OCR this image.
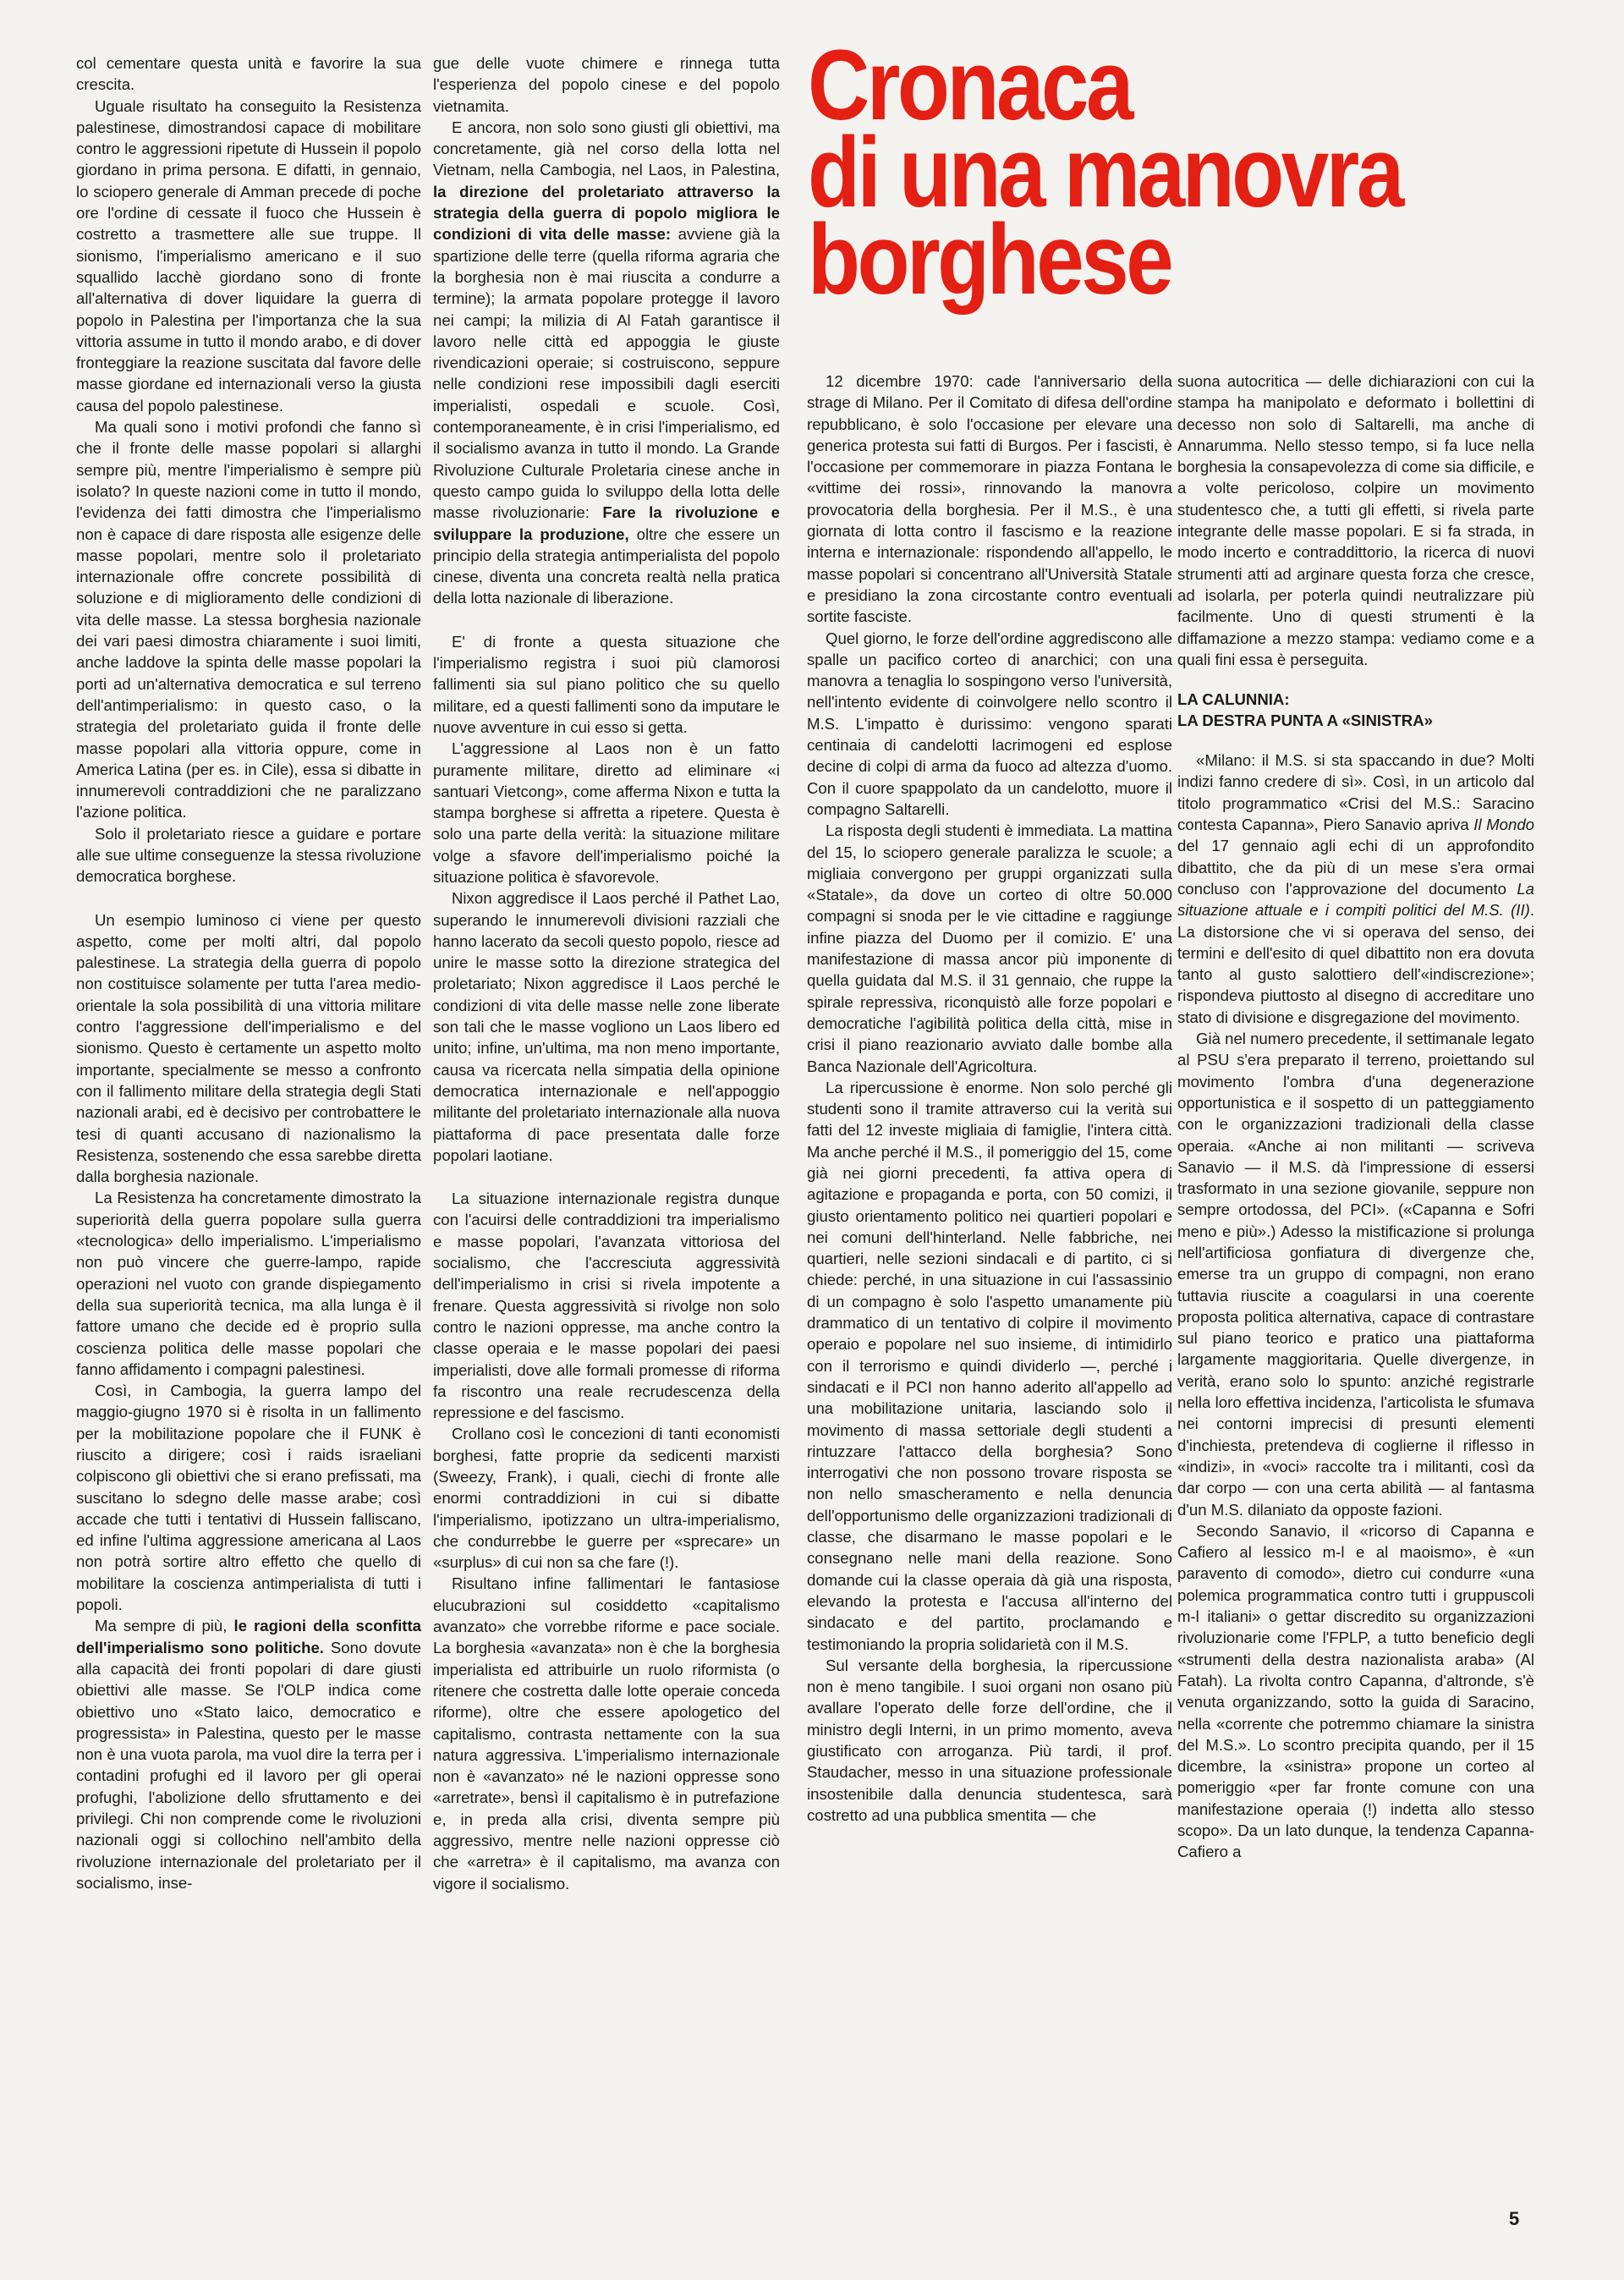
Cronaca
di una manovra
borghese

col cementare questa unità e favorire la sua crescita.

Uguale risultato ha conseguito la Resistenza palestinese, dimostrandosi capace di mobilitare contro le aggressioni ripetute di Hussein il popolo giordano in prima persona. E difatti, in gennaio, lo sciopero generale di Amman precede di poche ore l'ordine di cessate il fuoco che Hussein è costretto a trasmettere alle sue truppe. Il sionismo, l'imperialismo americano e il suo squallido lacchè giordano sono di fronte all'alternativa di dover liquidare la guerra di popolo in Palestina per l'importanza che la sua vittoria assume in tutto il mondo arabo, e di dover fronteggiare la reazione suscitata dal favore delle masse giordane ed internazionali verso la giusta causa del popolo palestinese.

Ma quali sono i motivi profondi che fanno sì che il fronte delle masse popolari si allarghi sempre più, mentre l'imperialismo è sempre più isolato? In queste nazioni come in tutto il mondo, l'evidenza dei fatti dimostra che l'imperialismo non è capace di dare risposta alle esigenze delle masse popolari, mentre solo il proletariato internazionale offre concrete possibilità di soluzione e di miglioramento delle condizioni di vita delle masse. La stessa borghesia nazionale dei vari paesi dimostra chiaramente i suoi limiti, anche laddove la spinta delle masse popolari la porti ad un'alternativa democratica e sul terreno dell'antimperialismo: in questo caso, o la strategia del proletariato guida il fronte delle masse popolari alla vittoria oppure, come in America Latina (per es. in Cile), essa si dibatte in innumerevoli contraddizioni che ne paralizzano l'azione politica.

Solo il proletariato riesce a guidare e portare alle sue ultime conseguenze la stessa rivoluzione democratica borghese.

Un esempio luminoso ci viene per questo aspetto, come per molti altri, dal popolo palestinese. La strategia della guerra di popolo non costituisce solamente per tutta l'area medio-orientale la sola possibilità di una vittoria militare contro l'aggressione dell'imperialismo e del sionismo. Questo è certamente un aspetto molto importante, specialmente se messo a confronto con il fallimento militare della strategia degli Stati nazionali arabi, ed è decisivo per controbattere le tesi di quanti accusano di nazionalismo la Resistenza, sostenendo che essa sarebbe diretta dalla borghesia nazionale.

La Resistenza ha concretamente dimostrato la superiorità della guerra popolare sulla guerra «tecnologica» dello imperialismo. L'imperialismo non può vincere che guerre-lampo, rapide operazioni nel vuoto con grande dispiegamento della sua superiorità tecnica, ma alla lunga è il fattore umano che decide ed è proprio sulla coscienza politica delle masse popolari che fanno affidamento i compagni palestinesi.

Così, in Cambogia, la guerra lampo del maggio-giugno 1970 si è risolta in un fallimento per la mobilitazione popolare che il FUNK è riuscito a dirigere; così i raids israeliani colpiscono gli obiettivi che si erano prefissati, ma suscitano lo sdegno delle masse arabe; così accade che tutti i tentativi di Hussein falliscano, ed infine l'ultima aggressione americana al Laos non potrà sortire altro effetto che quello di mobilitare la coscienza antimperialista di tutti i popoli.

Ma sempre di più, le ragioni della sconfitta dell'imperialismo sono politiche. Sono dovute alla capacità dei fronti popolari di dare giusti obiettivi alle masse. Se l'OLP indica come obiettivo uno «Stato laico, democratico e progressista» in Palestina, questo per le masse non è una vuota parola, ma vuol dire la terra per i contadini profughi ed il lavoro per gli operai profughi, l'abolizione dello sfruttamento e dei privilegi. Chi non comprende come le rivoluzioni nazionali oggi si collochino nell'ambito della rivoluzione internazionale del proletariato per il socialismo, inse-

gue delle vuote chimere e rinnega tutta l'esperienza del popolo cinese e del popolo vietnamita.

E ancora, non solo sono giusti gli obiettivi, ma concretamente, già nel corso della lotta nel Vietnam, nella Cambogia, nel Laos, in Palestina, la direzione del proletariato attraverso la strategia della guerra di popolo migliora le condizioni di vita delle masse: avviene già la spartizione delle terre (quella riforma agraria che la borghesia non è mai riuscita a condurre a termine); la armata popolare protegge il lavoro nei campi; la milizia di Al Fatah garantisce il lavoro nelle città ed appoggia le giuste rivendicazioni operaie; si costruiscono, seppure nelle condizioni rese impossibili dagli eserciti imperialisti, ospedali e scuole. Così, contemporaneamente, è in crisi l'imperialismo, ed il socialismo avanza in tutto il mondo. La Grande Rivoluzione Culturale Proletaria cinese anche in questo campo guida lo sviluppo della lotta delle masse rivoluzionarie: Fare la rivoluzione e sviluppare la produzione, oltre che essere un principio della strategia antimperialista del popolo cinese, diventa una concreta realtà nella pratica della lotta nazionale di liberazione.

E' di fronte a questa situazione che l'imperialismo registra i suoi più clamorosi fallimenti sia sul piano politico che su quello militare, ed a questi fallimenti sono da imputare le nuove avventure in cui esso si getta.

L'aggressione al Laos non è un fatto puramente militare, diretto ad eliminare «i santuari Vietcong», come afferma Nixon e tutta la stampa borghese si affretta a ripetere. Questa è solo una parte della verità: la situazione militare volge a sfavore dell'imperialismo poiché la situazione politica è sfavorevole.

Nixon aggredisce il Laos perché il Pathet Lao, superando le innumerevoli divisioni razziali che hanno lacerato da secoli questo popolo, riesce ad unire le masse sotto la direzione strategica del proletariato; Nixon aggredisce il Laos perché le condizioni di vita delle masse nelle zone liberate son tali che le masse vogliono un Laos libero ed unito; infine, un'ultima, ma non meno importante, causa va ricercata nella simpatia della opinione democratica internazionale e nell'appoggio militante del proletariato internazionale alla nuova piattaforma di pace presentata dalle forze popolari laotiane.

La situazione internazionale registra dunque con l'acuirsi delle contraddizioni tra imperialismo e masse popolari, l'avanzata vittoriosa del socialismo, che l'accresciuta aggressività dell'imperialismo in crisi si rivela impotente a frenare. Questa aggressività si rivolge non solo contro le nazioni oppresse, ma anche contro la classe operaia e le masse popolari dei paesi imperialisti, dove alle formali promesse di riforma fa riscontro una reale recrudescenza della repressione e del fascismo.

Crollano così le concezioni di tanti economisti borghesi, fatte proprie da sedicenti marxisti (Sweezy, Frank), i quali, ciechi di fronte alle enormi contraddizioni in cui si dibatte l'imperialismo, ipotizzano un ultra-imperialismo, che condurrebbe le guerre per «sprecare» un «surplus» di cui non sa che fare (!).

Risultano infine fallimentari le fantasiose elucubrazioni sul cosiddetto «capitalismo avanzato» che vorrebbe riforme e pace sociale. La borghesia «avanzata» non è che la borghesia imperialista ed attribuirle un ruolo riformista (o ritenere che costretta dalle lotte operaie conceda riforme), oltre che essere apologetico del capitalismo, contrasta nettamente con la sua natura aggressiva. L'imperialismo internazionale non è «avanzato» né le nazioni oppresse sono «arretrate», bensì il capitalismo è in putrefazione e, in preda alla crisi, diventa sempre più aggressivo, mentre nelle nazioni oppresse ciò che «arretra» è il capitalismo, ma avanza con vigore il socialismo.

12 dicembre 1970: cade l'anniversario della strage di Milano. Per il Comitato di difesa dell'ordine repubblicano, è solo l'occasione per elevare una generica protesta sui fatti di Burgos. Per i fascisti, è l'occasione per commemorare in piazza Fontana le «vittime dei rossi», rinnovando la manovra provocatoria della borghesia. Per il M.S., è una giornata di lotta contro il fascismo e la reazione interna e internazionale: rispondendo all'appello, le masse popolari si concentrano all'Università Statale e presidiano la zona circostante contro eventuali sortite fasciste.

Quel giorno, le forze dell'ordine aggrediscono alle spalle un pacifico corteo di anarchici; con una manovra a tenaglia lo sospingono verso l'università, nell'intento evidente di coinvolgere nello scontro il M.S. L'impatto è durissimo: vengono sparati centinaia di candelotti lacrimogeni ed esplose decine di colpi di arma da fuoco ad altezza d'uomo. Con il cuore spappolato da un candelotto, muore il compagno Saltarelli.

La risposta degli studenti è immediata. La mattina del 15, lo sciopero generale paralizza le scuole; a migliaia convergono per gruppi organizzati sulla «Statale», da dove un corteo di oltre 50.000 compagni si snoda per le vie cittadine e raggiunge infine piazza del Duomo per il comizio. E' una manifestazione di massa ancor più imponente di quella guidata dal M.S. il 31 gennaio, che ruppe la spirale repressiva, riconquistò alle forze popolari e democratiche l'agibilità politica della città, mise in crisi il piano reazionario avviato dalle bombe alla Banca Nazionale dell'Agricoltura.

La ripercussione è enorme. Non solo perché gli studenti sono il tramite attraverso cui la verità sui fatti del 12 investe migliaia di famiglie, l'intera città. Ma anche perché il M.S., il pomeriggio del 15, come già nei giorni precedenti, fa attiva opera di agitazione e propaganda e porta, con 50 comizi, il giusto orientamento politico nei quartieri popolari e nei comuni dell'hinterland. Nelle fabbriche, nei quartieri, nelle sezioni sindacali e di partito, ci si chiede: perché, in una situazione in cui l'assassinio di un compagno è solo l'aspetto umanamente più drammatico di un tentativo di colpire il movimento operaio e popolare nel suo insieme, di intimidirlo con il terrorismo e quindi dividerlo —, perché i sindacati e il PCI non hanno aderito all'appello ad una mobilitazione unitaria, lasciando solo il movimento di massa settoriale degli studenti a rintuzzare l'attacco della borghesia? Sono interrogativi che non possono trovare risposta se non nello smascheramento e nella denuncia dell'opportunismo delle organizzazioni tradizionali di classe, che disarmano le masse popolari e le consegnano nelle mani della reazione. Sono domande cui la classe operaia dà già una risposta, elevando la protesta e l'accusa all'interno del sindacato e del partito, proclamando e testimoniando la propria solidarietà con il M.S.

Sul versante della borghesia, la ripercussione non è meno tangibile. I suoi organi non osano più avallare l'operato delle forze dell'ordine, che il ministro degli Interni, in un primo momento, aveva giustificato con arroganza. Più tardi, il prof. Staudacher, messo in una situazione professionale insostenibile dalla denuncia studentesca, sarà costretto ad una pubblica smentita — che

suona autocritica — delle dichiarazioni con cui la stampa ha manipolato e deformato i bollettini di decesso non solo di Saltarelli, ma anche di Annarumma. Nello stesso tempo, si fa luce nella borghesia la consapevolezza di come sia difficile, e a volte pericoloso, colpire un movimento studentesco che, a tutti gli effetti, si rivela parte integrante delle masse popolari. E si fa strada, in modo incerto e contraddittorio, la ricerca di nuovi strumenti atti ad arginare questa forza che cresce, ad isolarla, per poterla quindi neutralizzare più facilmente. Uno di questi strumenti è la diffamazione a mezzo stampa: vediamo come e a quali fini essa è perseguita.

LA CALUNNIA:
LA DESTRA PUNTA A «SINISTRA»

«Milano: il M.S. si sta spaccando in due? Molti indizi fanno credere di sì». Così, in un articolo dal titolo programmatico «Crisi del M.S.: Saracino contesta Capanna», Piero Sanavio apriva Il Mondo del 17 gennaio agli echi di un approfondito dibattito, che da più di un mese s'era ormai concluso con l'approvazione del documento La situazione attuale e i compiti politici del M.S. (II). La distorsione che vi si operava del senso, dei termini e dell'esito di quel dibattito non era dovuta tanto al gusto salottiero dell'«indiscrezione»; rispondeva piuttosto al disegno di accreditare uno stato di divisione e disgregazione del movimento.

Già nel numero precedente, il settimanale legato al PSU s'era preparato il terreno, proiettando sul movimento l'ombra d'una degenerazione opportunistica e il sospetto di un patteggiamento con le organizzazioni tradizionali della classe operaia. «Anche ai non militanti — scriveva Sanavio — il M.S. dà l'impressione di essersi trasformato in una sezione giovanile, seppure non sempre ortodossa, del PCI». («Capanna e Sofri meno e più».) Adesso la mistificazione si prolunga nell'artificiosa gonfiatura di divergenze che, emerse tra un gruppo di compagni, non erano tuttavia riuscite a coagularsi in una coerente proposta politica alternativa, capace di contrastare sul piano teorico e pratico una piattaforma largamente maggioritaria. Quelle divergenze, in verità, erano solo lo spunto: anziché registrarle nella loro effettiva incidenza, l'articolista le sfumava nei contorni imprecisi di presunti elementi d'inchiesta, pretendeva di coglierne il riflesso in «indizi», in «voci» raccolte tra i militanti, così da dar corpo — con una certa abilità — al fantasma d'un M.S. dilaniato da opposte fazioni.

Secondo Sanavio, il «ricorso di Capanna e Cafiero al lessico m-l e al maoismo», è «un paravento di comodo», dietro cui condurre «una polemica programmatica contro tutti i gruppuscoli m-l italiani» o gettar discredito su organizzazioni rivoluzionarie come l'FPLP, a tutto beneficio degli «strumenti della destra nazionalista araba» (Al Fatah). La rivolta contro Capanna, d'altronde, s'è venuta organizzando, sotto la guida di Saracino, nella «corrente che potremmo chiamare la sinistra del M.S.». Lo scontro precipita quando, per il 15 dicembre, la «sinistra» propone un corteo al pomeriggio «per far fronte comune con una manifestazione operaia (!) indetta allo stesso scopo». Da un lato dunque, la tendenza Capanna-Cafiero a

5
